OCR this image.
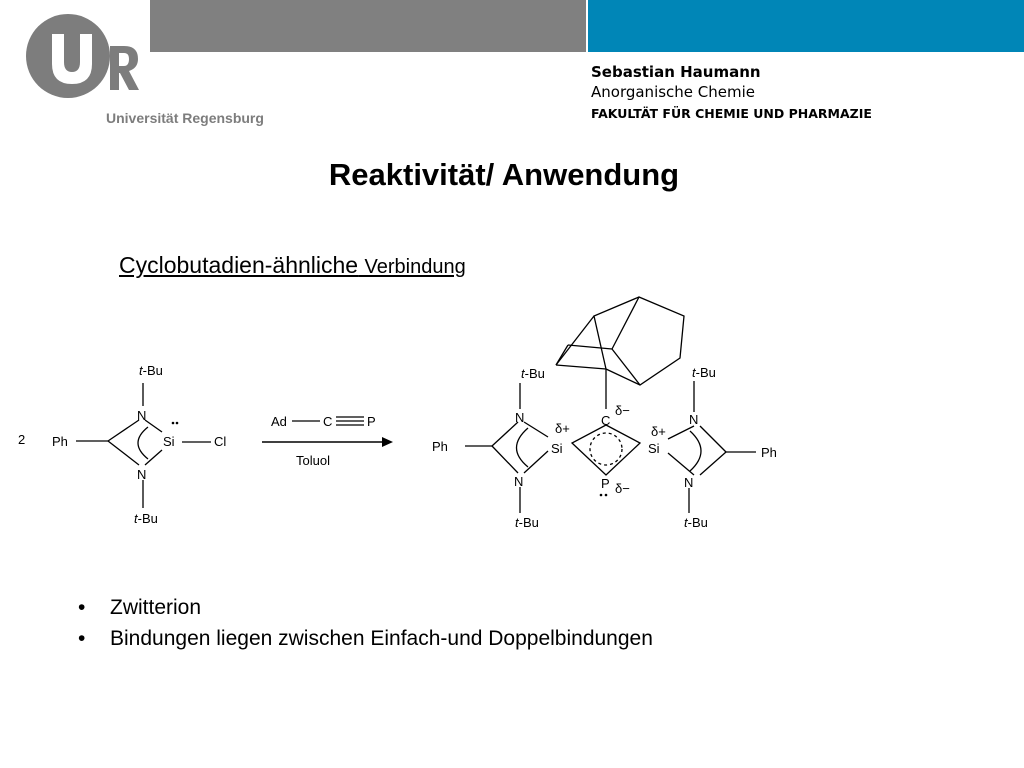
Universität Regensburg
Sebastian Haumann
Anorganische Chemie
FAKULTÄT FÜR CHEMIE UND PHARMAZIE
Reaktivität/ Anwendung
Cyclobutadien-ähnliche Verbindung
2 Ph
N
N
Si	Cl
t-Bu
t-Bu
Ad	C	P
Toluol
Ph	Ph
N
N
N
N
Si	Si
C
P
δ+	δ+
δ−
δ−
t-Bu
t-Bu
t-Bu
t-Bu
• Zwitterion
• Bindungen liegen zwischen Einfach-und Doppelbindungen
